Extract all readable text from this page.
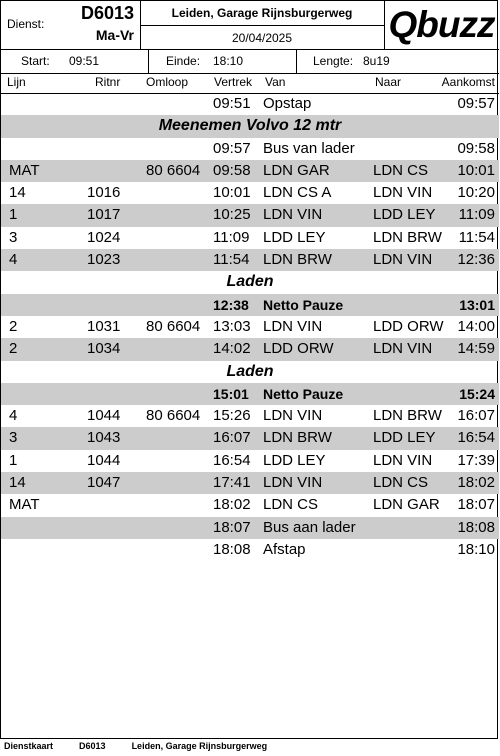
Dienst:
D6013
Ma-Vr
Leiden, Garage Rijnsburgerweg
20/04/2025	Qbuzz
Start: 09:51	Einde: 18:10	Lengte: 8u19
Lijn	Ritnr Omloop Vertrek Van	Naar	Aankomst
09:51 Opstap	09:57
Meenemen Volvo 12 mtr
09:57 Bus van lader	09:58
MAT	80 6604 09:58 LDN GAR	LDN CS 10:01
14	1016	10:01 LDN CS A	LDN VIN 10:20
1	1017	10:25 LDN VIN	LDD LEY 11:09
3	1024	11:09 LDD LEY	LDN BRW 11:54
4	1023	11:54 LDN BRW	LDN VIN 12:36
Laden
12:38 Netto Pauze	13:01
2	1031 80 6604 13:03 LDN VIN	LDD ORW 14:00
2	1034	14:02 LDD ORW	LDN VIN 14:59
Laden
15:01 Netto Pauze	15:24
4	1044 80 6604 15:26 LDN VIN	LDN BRW 16:07
3	1043	16:07 LDN BRW	LDD LEY 16:54
1	1044	16:54 LDD LEY	LDN VIN 17:39
14	1047	17:41 LDN VIN	LDN CS 18:02
MAT	18:02 LDN CS	LDN GAR 18:07
18:07 Bus aan lader	18:08
18:08 Afstap	18:10
Dienstkaart	D6013	Leiden, Garage Rijnsburgerweg
